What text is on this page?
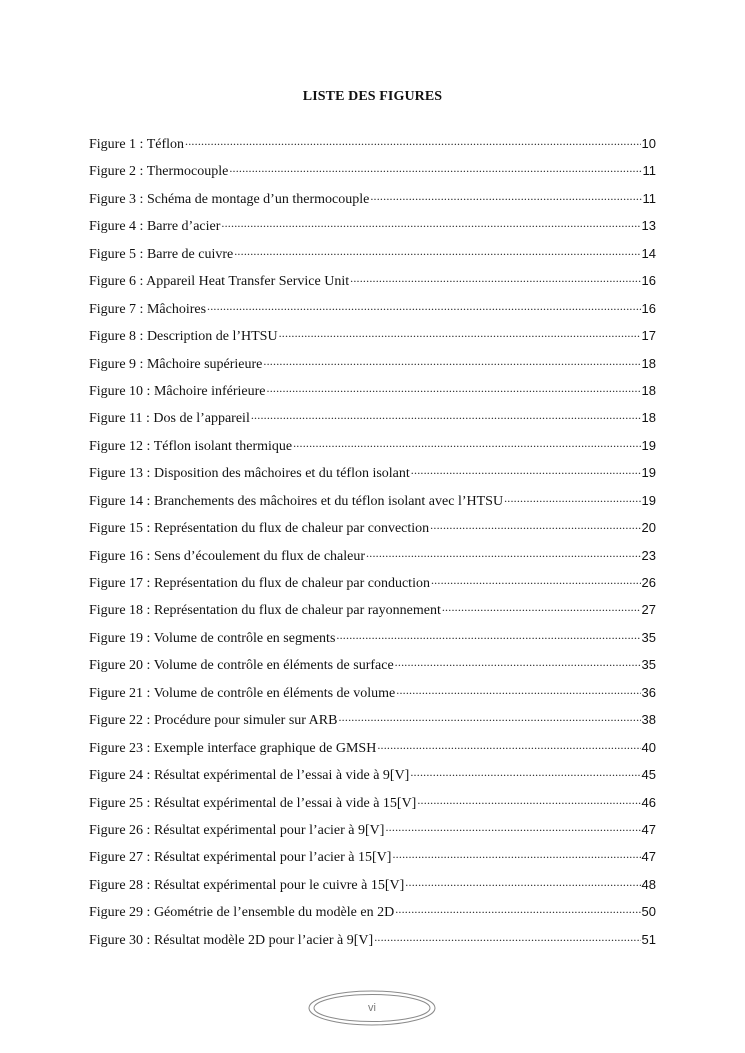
LISTE DES FIGURES
Figure 1 : Téflon .....	10
Figure 2 : Thermocouple .....	11
Figure 3 : Schéma de montage d’un thermocouple .....	11
Figure 4 : Barre d’acier .....	13
Figure 5 : Barre de cuivre .....	14
Figure 6 : Appareil Heat Transfer Service Unit .....	16
Figure 7 : Mâchoires .....	16
Figure 8 : Description de l’HTSU .....	17
Figure 9 : Mâchoire supérieure .....	18
Figure 10 : Mâchoire inférieure .....	18
Figure 11 : Dos de l’appareil .....	18
Figure 12 : Téflon isolant thermique .....	19
Figure 13 : Disposition des mâchoires et du téflon isolant .....	19
Figure 14 : Branchements des mâchoires et du téflon isolant avec l’HTSU .....	19
Figure 15 : Représentation du flux de chaleur par convection .....	20
Figure 16 : Sens d’écoulement du flux de chaleur .....	23
Figure 17 : Représentation du flux de chaleur par conduction .....	26
Figure 18 : Représentation du flux de chaleur par rayonnement .....	27
Figure 19 : Volume de contrôle en segments .....	35
Figure 20 : Volume de contrôle en éléments de surface .....	35
Figure 21 : Volume de contrôle en éléments de volume .....	36
Figure 22 : Procédure pour simuler sur ARB .....	38
Figure 23 : Exemple interface graphique de GMSH .....	40
Figure 24 : Résultat expérimental de l’essai à vide à 9[V] .....	45
Figure 25 : Résultat expérimental de l’essai à vide à 15[V] .....	46
Figure 26 : Résultat expérimental pour l’acier à 9[V] .....	47
Figure 27 : Résultat expérimental pour l’acier à 15[V] .....	47
Figure 28 : Résultat expérimental pour le cuivre à 15[V] .....	48
Figure 29 : Géométrie de l’ensemble du modèle en 2D .....	50
Figure 30 : Résultat modèle 2D pour l’acier à 9[V] .....	51
vi
